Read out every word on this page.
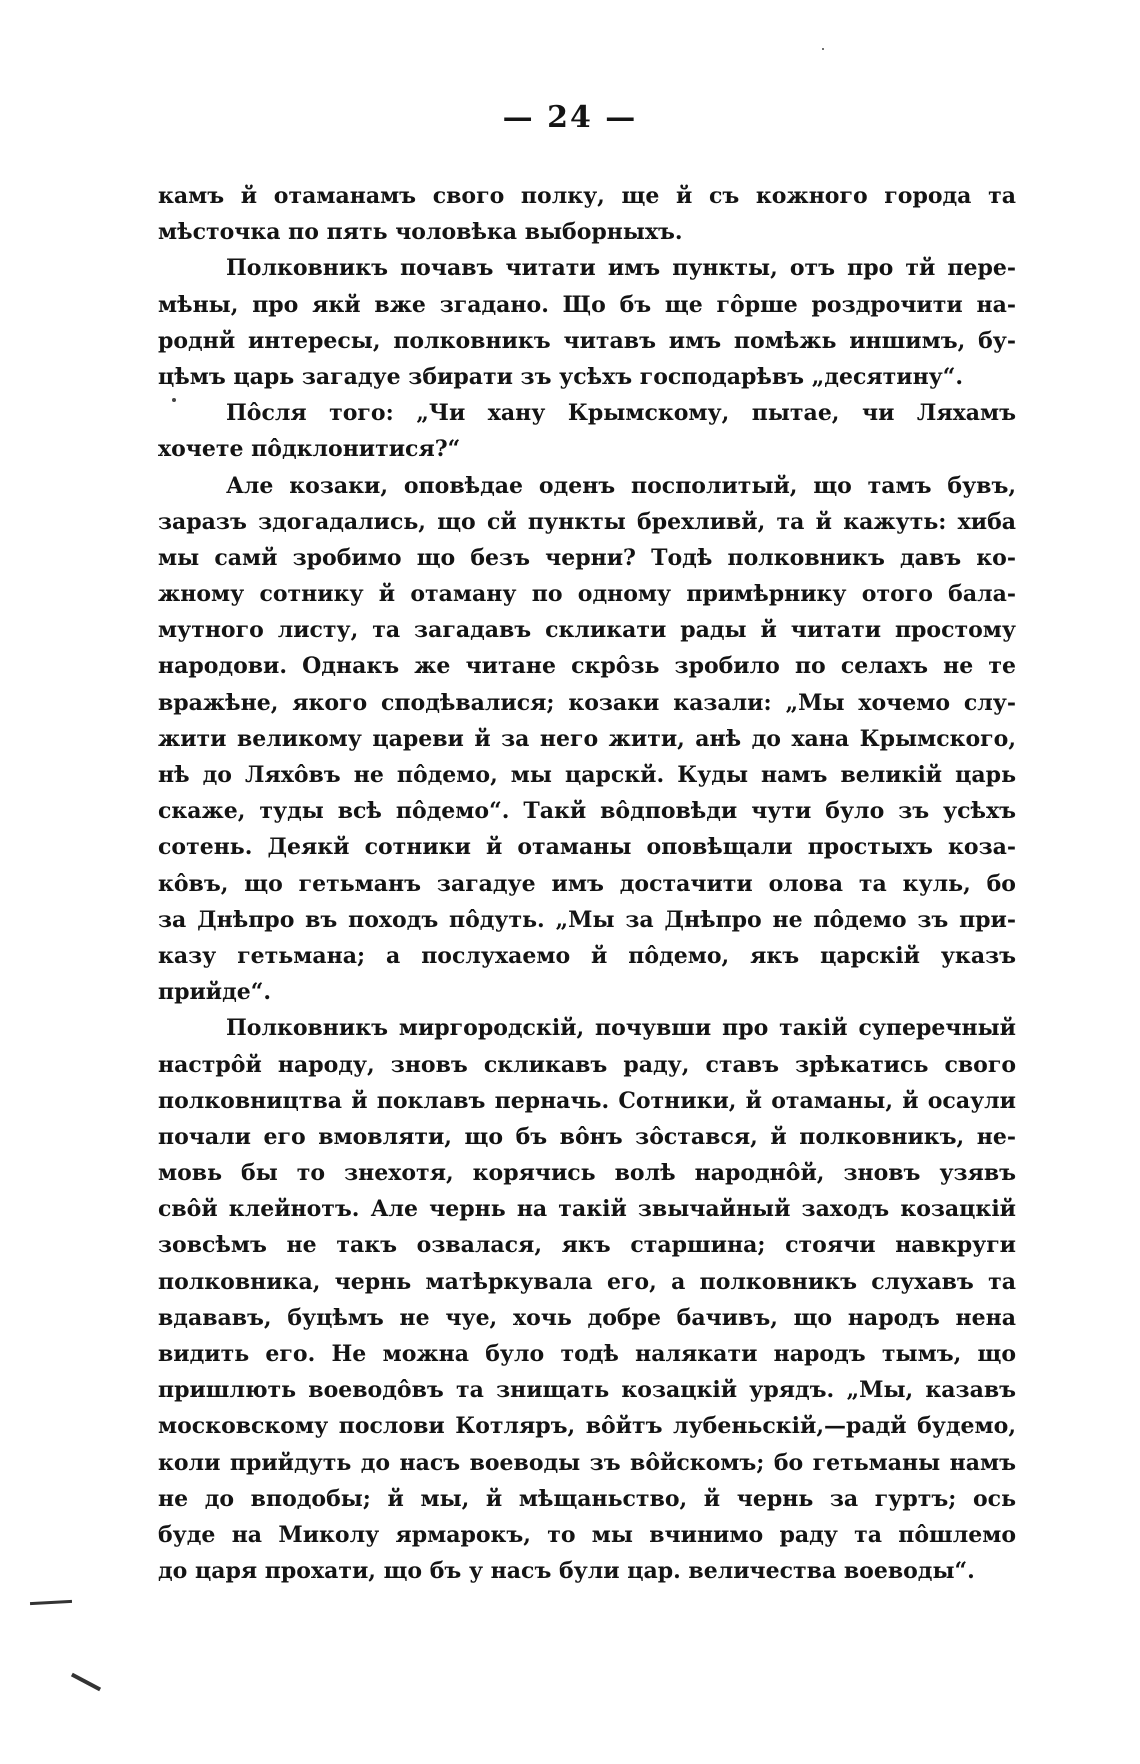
— 24 —
камъ й отаманамъ свого полку, ще й съ кожного города та
мѣсточка по пять чоловѣка выборныхъ.
Полковникъ почавъ читати имъ пункты, отъ про тй пере-
мѣны, про якй вже згадано. Що бъ ще гôрше роздрочити на-
роднй интересы, полковникъ читавъ имъ помѣжь иншимъ, бу-
цѣмъ царь загадуе збирати зъ усѣхъ господарѣвъ „десятину“.
Пôсля того: „Чи хану Крымскому, пытае, чи Ляхамъ
хочете пôдклонитися?“
Але козаки, оповѣдае оденъ посполитый, що тамъ бувъ,
заразъ здогадались, що сй пункты брехливй, та й кажуть: хиба
мы самй зробимо що безъ черни? Тодѣ полковникъ давъ ко-
жному сотнику й отаману по одному примѣрнику отого бала-
мутного листу, та загадавъ скликати рады й читати простому
народови. Однакъ же читане скрôзь зробило по селахъ не те
вражѣне, якого сподѣвалися; козаки казали: „Мы хочемо слу-
жити великому цареви й за него жити, анѣ до хана Крымского,
нѣ до Ляхôвъ не пôдемо, мы царскй. Куды намъ великій царь
скаже, туды всѣ пôдемо“. Такй вôдповѣди чути було зъ усѣхъ
сотень. Деякй сотники й отаманы оповѣщали простыхъ коза-
кôвъ, що гетьманъ загадуе имъ достачити олова та куль, бо
за Днѣпро въ походъ пôдуть. „Мы за Днѣпро не пôдемо зъ при-
казу гетьмана; а послухаемо й пôдемо, якъ царскій указъ
прийде“.
Полковникъ миргородскій, почувши про такій суперечный
настрôй народу, зновъ скликавъ раду, ставъ зрѣкатись свого
полковництва й поклавъ перначь. Сотники, й отаманы, й осаули
почали его вмовляти, що бъ вôнъ зôстався, й полковникъ, не-
мовь бы то знехотя, корячись волѣ народнôй, зновъ узявъ
свôй клейнотъ. Але чернь на такій звычайный заходъ козацкій
зовсѣмъ не такъ озвалася, якъ старшина; стоячи навкруги
полковника, чернь матѣркувала его, а полковникъ слухавъ та
вдававъ, буцѣмъ не чуе, хочь добре бачивъ, що народъ нена
видить его. Не можна було тодѣ налякати народъ тымъ, що
пришлють воеводôвъ та знищать козацкій урядъ. „Мы, казавъ
московскому послови Котляръ, вôйтъ лубеньскій,—радй будемо,
коли прийдуть до насъ воеводы зъ вôйскомъ; бо гетьманы намъ
не до вподобы; й мы, й мѣщаньство, й чернь за гуртъ; ось
буде на Миколу ярмарокъ, то мы вчинимо раду та пôшлемо
до царя прохати, що бъ у насъ були цар. величества воеводы“.
